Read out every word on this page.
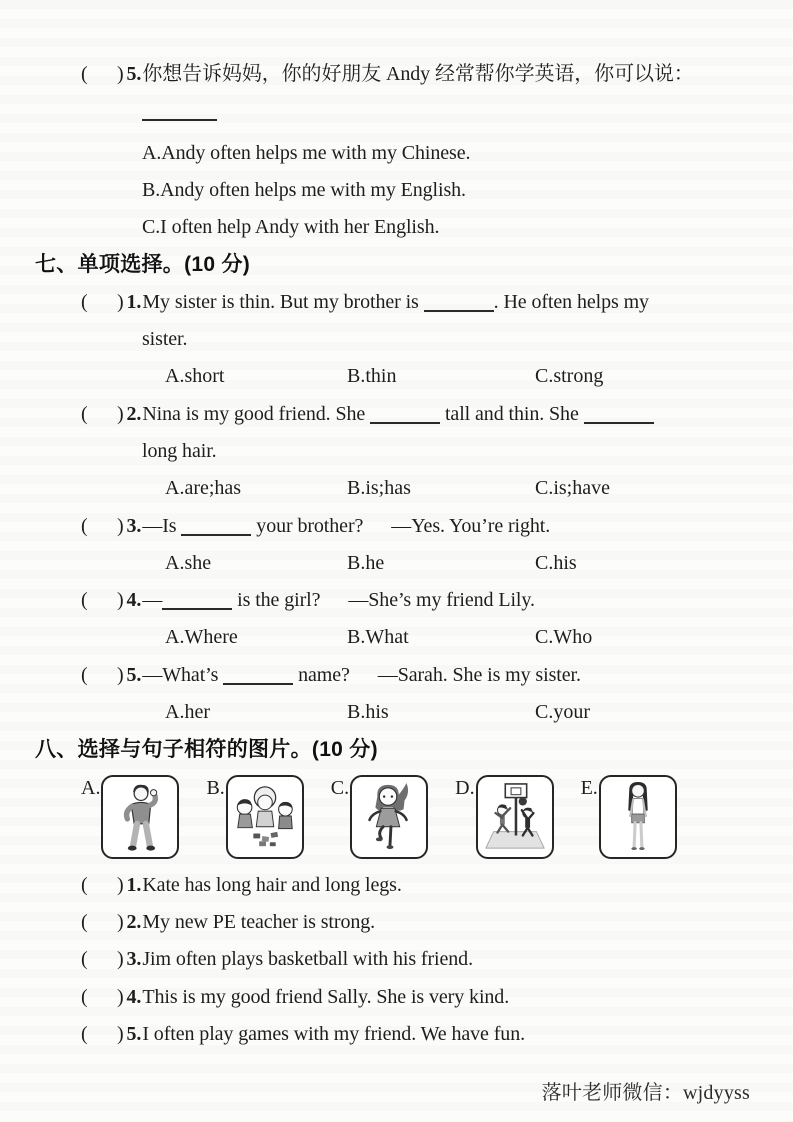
(      ) 5.你想告诉妈妈，你的好朋友 Andy 经常帮你学英语，你可以说：
A.Andy often helps me with my Chinese.
B.Andy often helps me with my English.
C.I often help Andy with her English.
七、单项选择。(10 分)
(      ) 1.My sister is thin. But my brother is	. He often helps my
sister.
A.short	B.thin	C.strong
(      ) 2.Nina is my good friend. She	tall and thin. She
long hair.
A.are;has	B.is;has	C.is;have
(      ) 3.—Is	your brother? —Yes. You’re right.
A.she	B.he	C.his
(      ) 4.—	is the girl? —She’s my friend Lily.
A.Where	B.What	C.Who
(      ) 5.—What’s	name? —Sarah. She is my sister.
A.her	B.his	C.your
八、选择与句子相符的图片。(10 分)
A.	B.	C.	D.	E.
(      ) 1.Kate has long hair and long legs.
(      ) 2.My new PE teacher is strong.
(      ) 3.Jim often plays basketball with his friend.
(      ) 4.This is my good friend Sally. She is very kind.
(      ) 5.I often play games with my friend. We have fun.
落叶老师微信：wjdyyss
